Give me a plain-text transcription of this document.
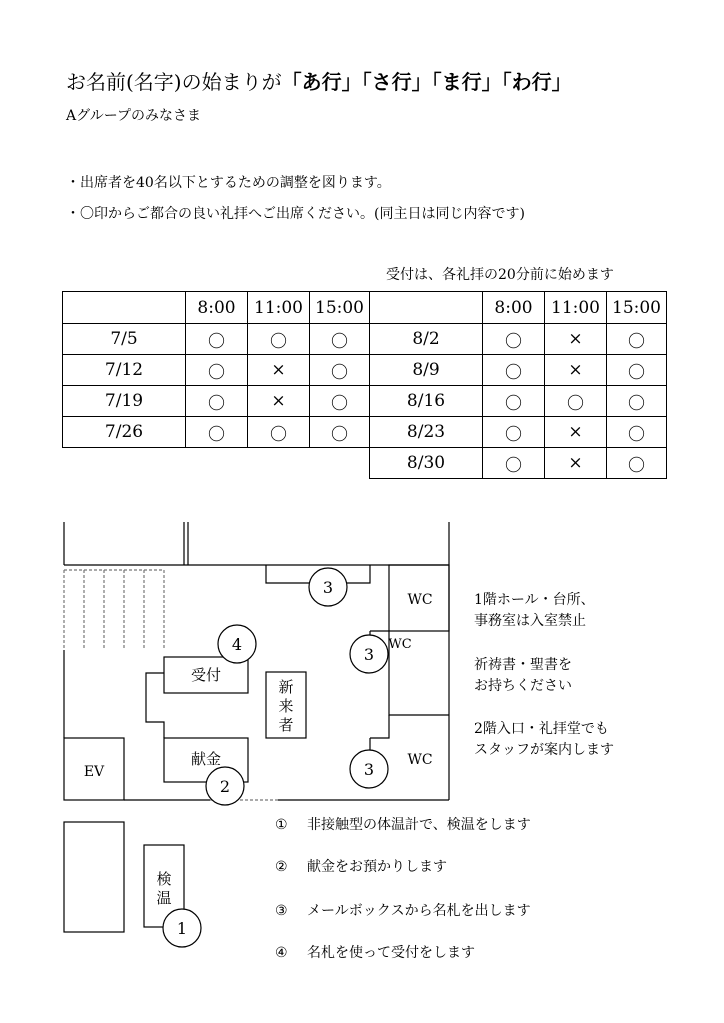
お名前(名字)の始まりが「あ行」「さ行」「ま行」「わ行」
Aグループのみなさま
・出席者を40名以下とするための調整を図ります。
・〇印からご都合の良い礼拝へご出席ください。(同主日は同じ内容です)
受付は、各礼拝の20分前に始めます
	8:00	11:00	15:00		8:00	11:00	15:00
7/5	〇	〇	〇	8/2	〇	×	〇
7/12	〇	×	〇	8/9	〇	×	〇
7/19	〇	×	〇	8/16	〇	〇	〇
7/26	〇	〇	〇	8/23	〇	×	〇
				8/30	〇	×	〇
3
3
3
4
2
1
WC
WC
WC
EV
受付
献金
新
来
者
検
温
1階ホール・台所、
事務室は入室禁止
祈祷書・聖書を
お持ちください
2階入口・礼拝堂でも
スタッフが案内します
① 非接触型の体温計で、検温をします
② 献金をお預かりします
③ メールボックスから名札を出します
④ 名札を使って受付をします
